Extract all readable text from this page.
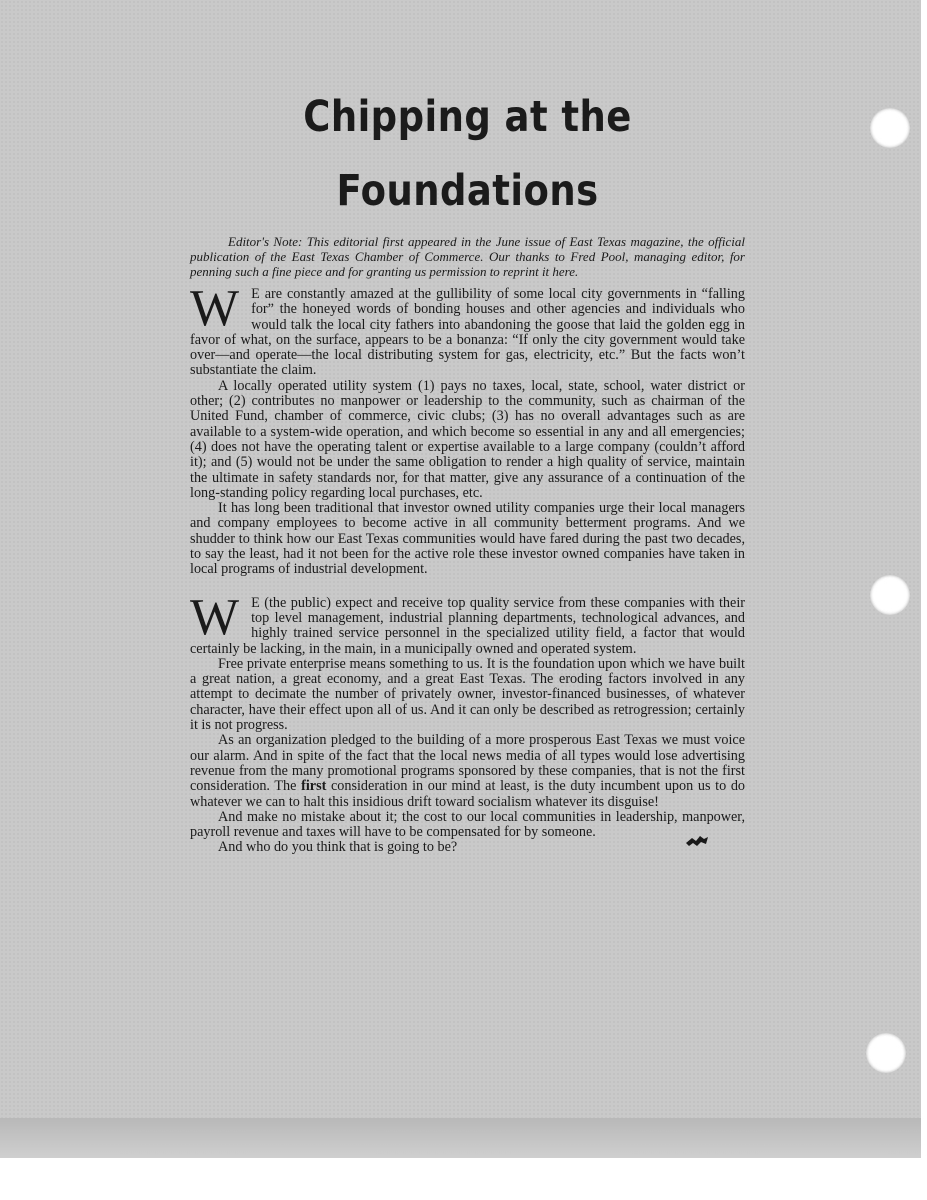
Chipping at the Foundations

Editor's Note: This editorial first appeared in the June issue of East Texas magazine, the official publication of the East Texas Chamber of Commerce. Our thanks to Fred Pool, managing editor, for penning such a fine piece and for granting us permission to reprint it here.

W E are constantly amazed at the gullibility of some local city governments in “falling for” the honeyed words of bonding houses and other agencies and individuals who would talk the local city fathers into abandoning the goose that laid the golden egg in favor of what, on the surface, appears to be a bonanza: “If only the city government would take over—and operate—the local distributing system for gas, electricity, etc.” But the facts won’t substantiate the claim.

A locally operated utility system (1) pays no taxes, local, state, school, water district or other; (2) contributes no manpower or leadership to the community, such as chairman of the United Fund, chamber of commerce, civic clubs; (3) has no overall advantages such as are available to a system-wide operation, and which become so essential in any and all emergencies; (4) does not have the operating talent or expertise available to a large company (couldn’t afford it); and (5) would not be under the same obligation to render a high quality of service, maintain the ultimate in safety standards nor, for that matter, give any assurance of a continuation of the long-standing policy regarding local purchases, etc.

It has long been traditional that investor owned utility companies urge their local managers and company employees to become active in all community betterment programs. And we shudder to think how our East Texas communities would have fared during the past two decades, to say the least, had it not been for the active role these investor owned companies have taken in local programs of industrial development.

W E (the public) expect and receive top quality service from these companies with their top level management, industrial planning departments, technological advances, and highly trained service personnel in the specialized utility field, a factor that would certainly be lacking, in the main, in a municipally owned and operated system.

Free private enterprise means something to us. It is the foundation upon which we have built a great nation, a great economy, and a great East Texas. The eroding factors involved in any attempt to decimate the number of privately owner, investor-financed businesses, of whatever character, have their effect upon all of us. And it can only be described as retrogression; certainly it is not progress.

As an organization pledged to the building of a more prosperous East Texas we must voice our alarm. And in spite of the fact that the local news media of all types would lose advertising revenue from the many promotional programs sponsored by these companies, that is not the first consideration. The first consideration in our mind at least, is the duty incumbent upon us to do whatever we can to halt this insidious drift toward socialism whatever its disguise!

And make no mistake about it; the cost to our local communities in leadership, manpower, payroll revenue and taxes will have to be compensated for by someone.

And who do you think that is going to be?
